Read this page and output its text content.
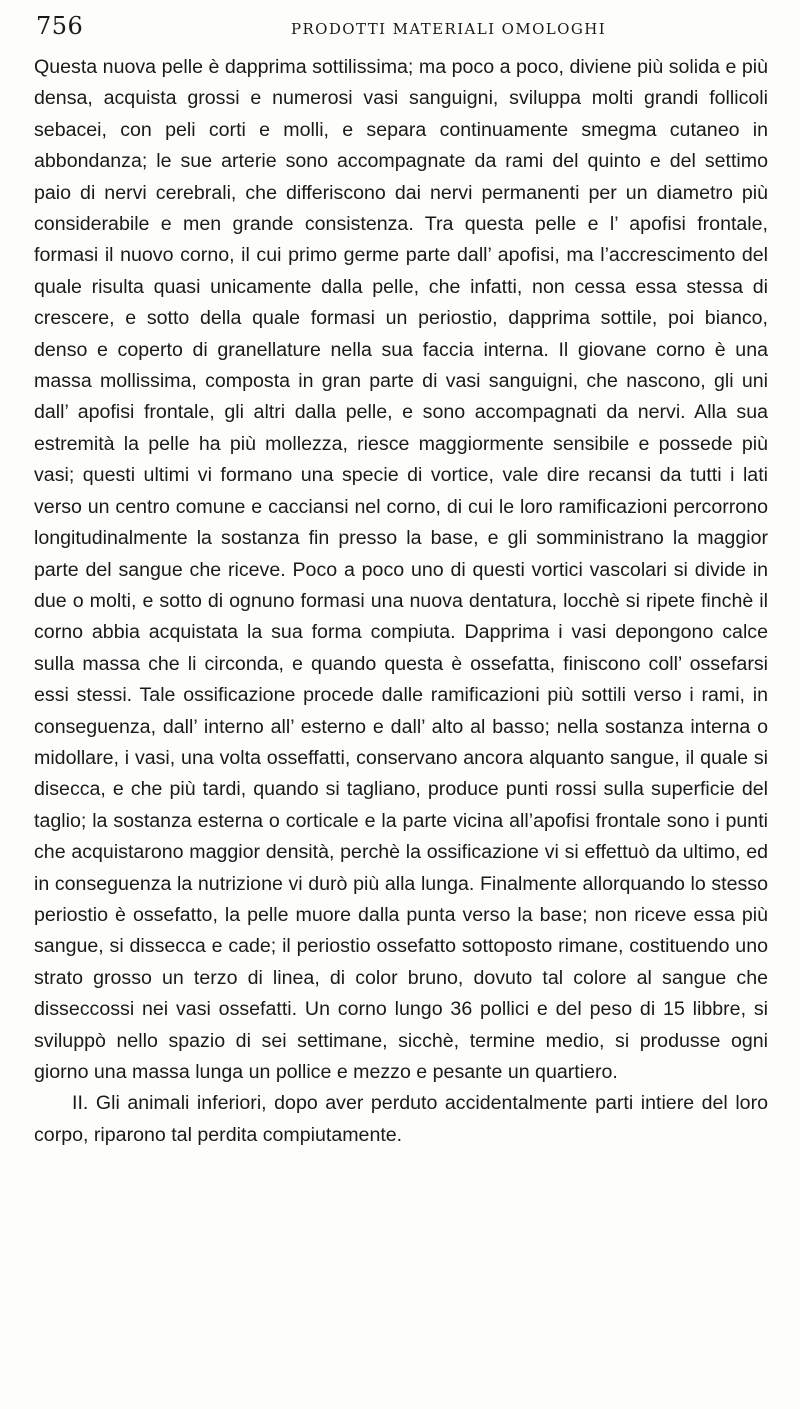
756	PRODOTTI MATERIALI OMOLOGHI

Questa nuova pelle è dapprima sottilissima; ma poco a poco, diviene più solida e più densa, acquista grossi e numerosi vasi sanguigni, sviluppa molti grandi follicoli sebacei, con peli corti e molli, e separa continuamente smegma cutaneo in abbondanza; le sue arterie sono accompagnate da rami del quinto e del settimo paio di nervi cerebrali, che differiscono dai nervi permanenti per un diametro più considerabile e men grande consistenza. Tra questa pelle e l’ apofisi frontale, formasi il nuovo corno, il cui primo germe parte dall’ apofisi, ma l’accrescimento del quale risulta quasi unicamente dalla pelle, che infatti, non cessa essa stessa di crescere, e sotto della quale formasi un periostio, dapprima sottile, poi bianco, denso e coperto di granellature nella sua faccia interna. Il giovane corno è una massa mollissima, composta in gran parte di vasi sanguigni, che nascono, gli uni dall’ apofisi frontale, gli altri dalla pelle, e sono accompagnati da nervi. Alla sua estremità la pelle ha più mollezza, riesce maggiormente sensibile e possede più vasi; questi ultimi vi formano una specie di vortice, vale dire recansi da tutti i lati verso un centro comune e cacciansi nel corno, di cui le loro ramificazioni percorrono longitudinalmente la sostanza fin presso la base, e gli somministrano la maggior parte del sangue che riceve. Poco a poco uno di questi vortici vascolari si divide in due o molti, e sotto di ognuno formasi una nuova dentatura, locchè si ripete finchè il corno abbia acquistata la sua forma compiuta. Dapprima i vasi depongono calce sulla massa che li circonda, e quando questa è ossefatta, finiscono coll’ ossefarsi essi stessi. Tale ossificazione procede dalle ramificazioni più sottili verso i rami, in conseguenza, dall’ interno all’ esterno e dall’ alto al basso; nella sostanza interna o midollare, i vasi, una volta osseffatti, conservano ancora alquanto sangue, il quale si disecca, e che più tardi, quando si tagliano, produce punti rossi sulla superficie del taglio; la sostanza esterna o corticale e la parte vicina all’apofisi frontale sono i punti che acquistarono maggior densità, perchè la ossificazione vi si effettuò da ultimo, ed in conseguenza la nutrizione vi durò più alla lunga. Finalmente allorquando lo stesso periostio è ossefatto, la pelle muore dalla punta verso la base; non riceve essa più sangue, si dissecca e cade; il periostio ossefatto sottoposto rimane, costituendo uno strato grosso un terzo di linea, di color bruno, dovuto tal colore al sangue che disseccossi nei vasi ossefatti. Un corno lungo 36 pollici e del peso di 15 libbre, si sviluppò nello spazio di sei settimane, sicchè, termine medio, si produsse ogni giorno una massa lunga un pollice e mezzo e pesante un quartiero.

II. Gli animali inferiori, dopo aver perduto accidentalmente parti intiere del loro corpo, riparono tal perdita compiutamente.
